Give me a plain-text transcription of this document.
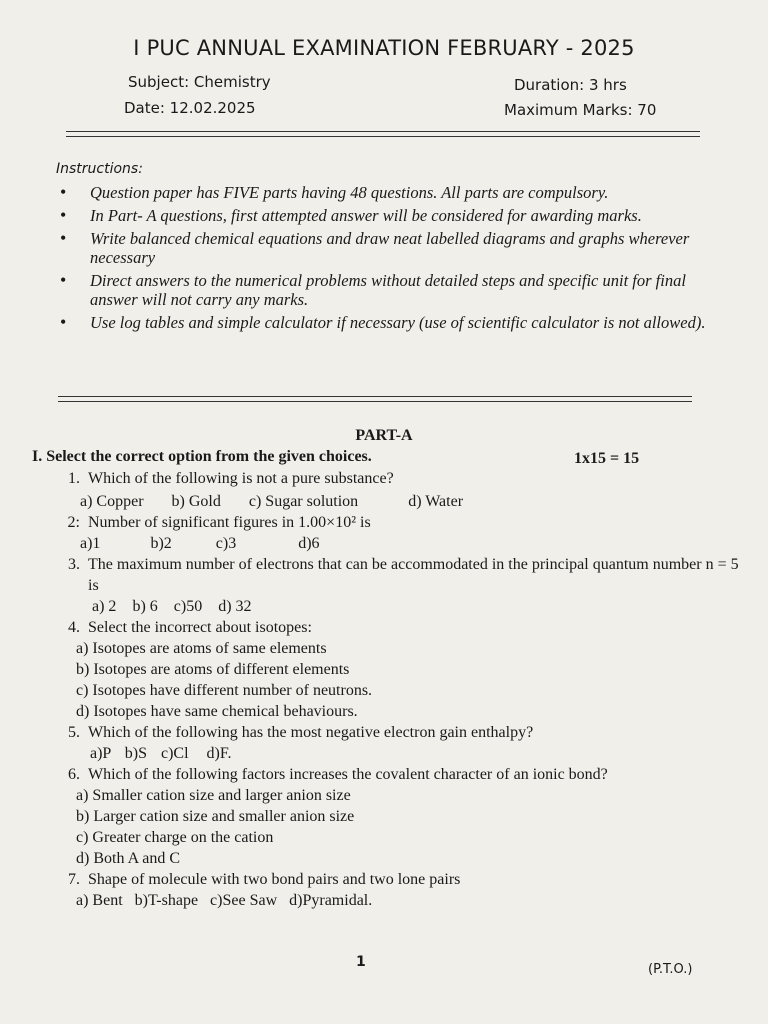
I PUC ANNUAL EXAMINATION FEBRUARY - 2025
Subject: Chemistry	Duration: 3 hrs
Date: 12.02.2025	Maximum Marks: 70
Instructions:
• Question paper has FIVE parts having 48 questions. All parts are compulsory.
• In Part- A questions, first attempted answer will be considered for awarding marks.
• Write balanced chemical equations and draw neat labelled diagrams and graphs wherever necessary
• Direct answers to the numerical problems without detailed steps and specific unit for final answer will not carry any marks.
• Use log tables and simple calculator if necessary (use of scientific calculator is not allowed).
PART-A
I. Select the correct option from the given choices.	1x15 = 15
1. Which of the following is not a pure substance?
a) Copper b) Gold c) Sugar solution	d) Water
2: Number of significant figures in 1.00×10² is
a)1	b)2	c)3	d)6
3. The maximum number of electrons that can be accommodated in the principal quantum number n = 5 is
a) 2 b) 6 c)50 d) 32
4. Select the incorrect about isotopes:
a) Isotopes are atoms of same elements
b) Isotopes are atoms of different elements
c) Isotopes have different number of neutrons.
d) Isotopes have same chemical behaviours.
5. Which of the following has the most negative electron gain enthalpy?
a)P b)S c)Cl d)F.
6. Which of the following factors increases the covalent character of an ionic bond?
a) Smaller cation size and larger anion size
b) Larger cation size and smaller anion size
c) Greater charge on the cation
d) Both A and C
7. Shape of molecule with two bond pairs and two lone pairs
a) Bent b)T-shape c)See Saw d)Pyramidal.
1	(P.T.O.)
